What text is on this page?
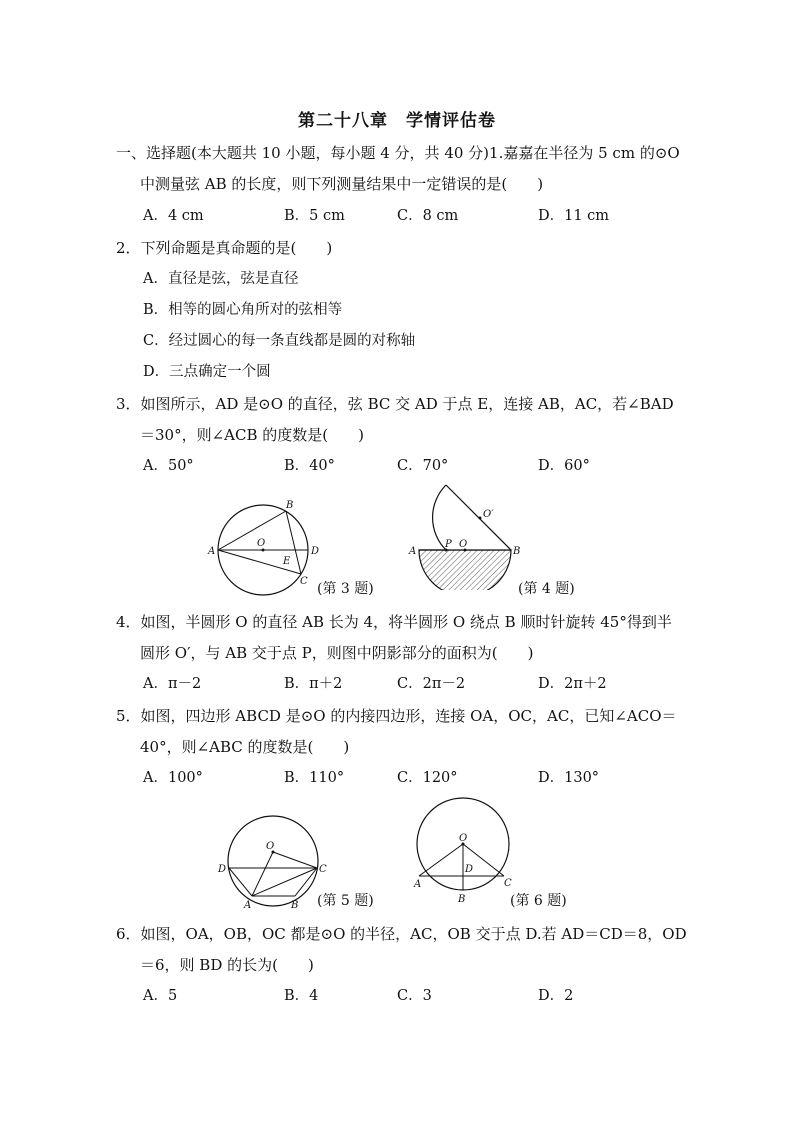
第二十八章　学情评估卷
一、选择题(本大题共 10 小题，每小题 4 分，共 40 分)1.嘉嘉在半径为 5 cm 的⊙O
中测量弦 AB 的长度，则下列测量结果中一定错误的是(　　)
A．4 cm	B．5 cm	C．8 cm	D．11 cm
2．下列命题是真命题的是(　　)
A．直径是弦，弦是直径
B．相等的圆心角所对的弦相等
C．经过圆心的每一条直线都是圆的对称轴
D．三点确定一个圆
3．如图所示，AD 是⊙O 的直径，弦 BC 交 AD 于点 E，连接 AB，AC，若∠BAD
＝30°，则∠ACB 的度数是(　　)
A．50°	B．40°	C．70°	D．60°
A
B
C
D
E
O
(第 3 题)
A
P O
B
O′
(第 4 题)
4．如图，半圆形 O 的直径 AB 长为 4，将半圆形 O 绕点 B 顺时针旋转 45°得到半
圆形 O′，与 AB 交于点 P，则图中阴影部分的面积为(　　)
A．π－2	B．π＋2	C．2π－2	D．2π＋2
5．如图，四边形 ABCD 是⊙O 的内接四边形，连接 OA，OC，AC，已知∠ACO＝
40°，则∠ABC 的度数是(　　)
A．100°	B．110°	C．120°	D．130°
O
D	C
A	B (第 5 题)
O
D
A	C
B	(第 6 题)
6．如图，OA，OB，OC 都是⊙O 的半径，AC，OB 交于点 D.若 AD＝CD＝8，OD
＝6，则 BD 的长为(　　)
A．5	B．4	C．3	D．2
